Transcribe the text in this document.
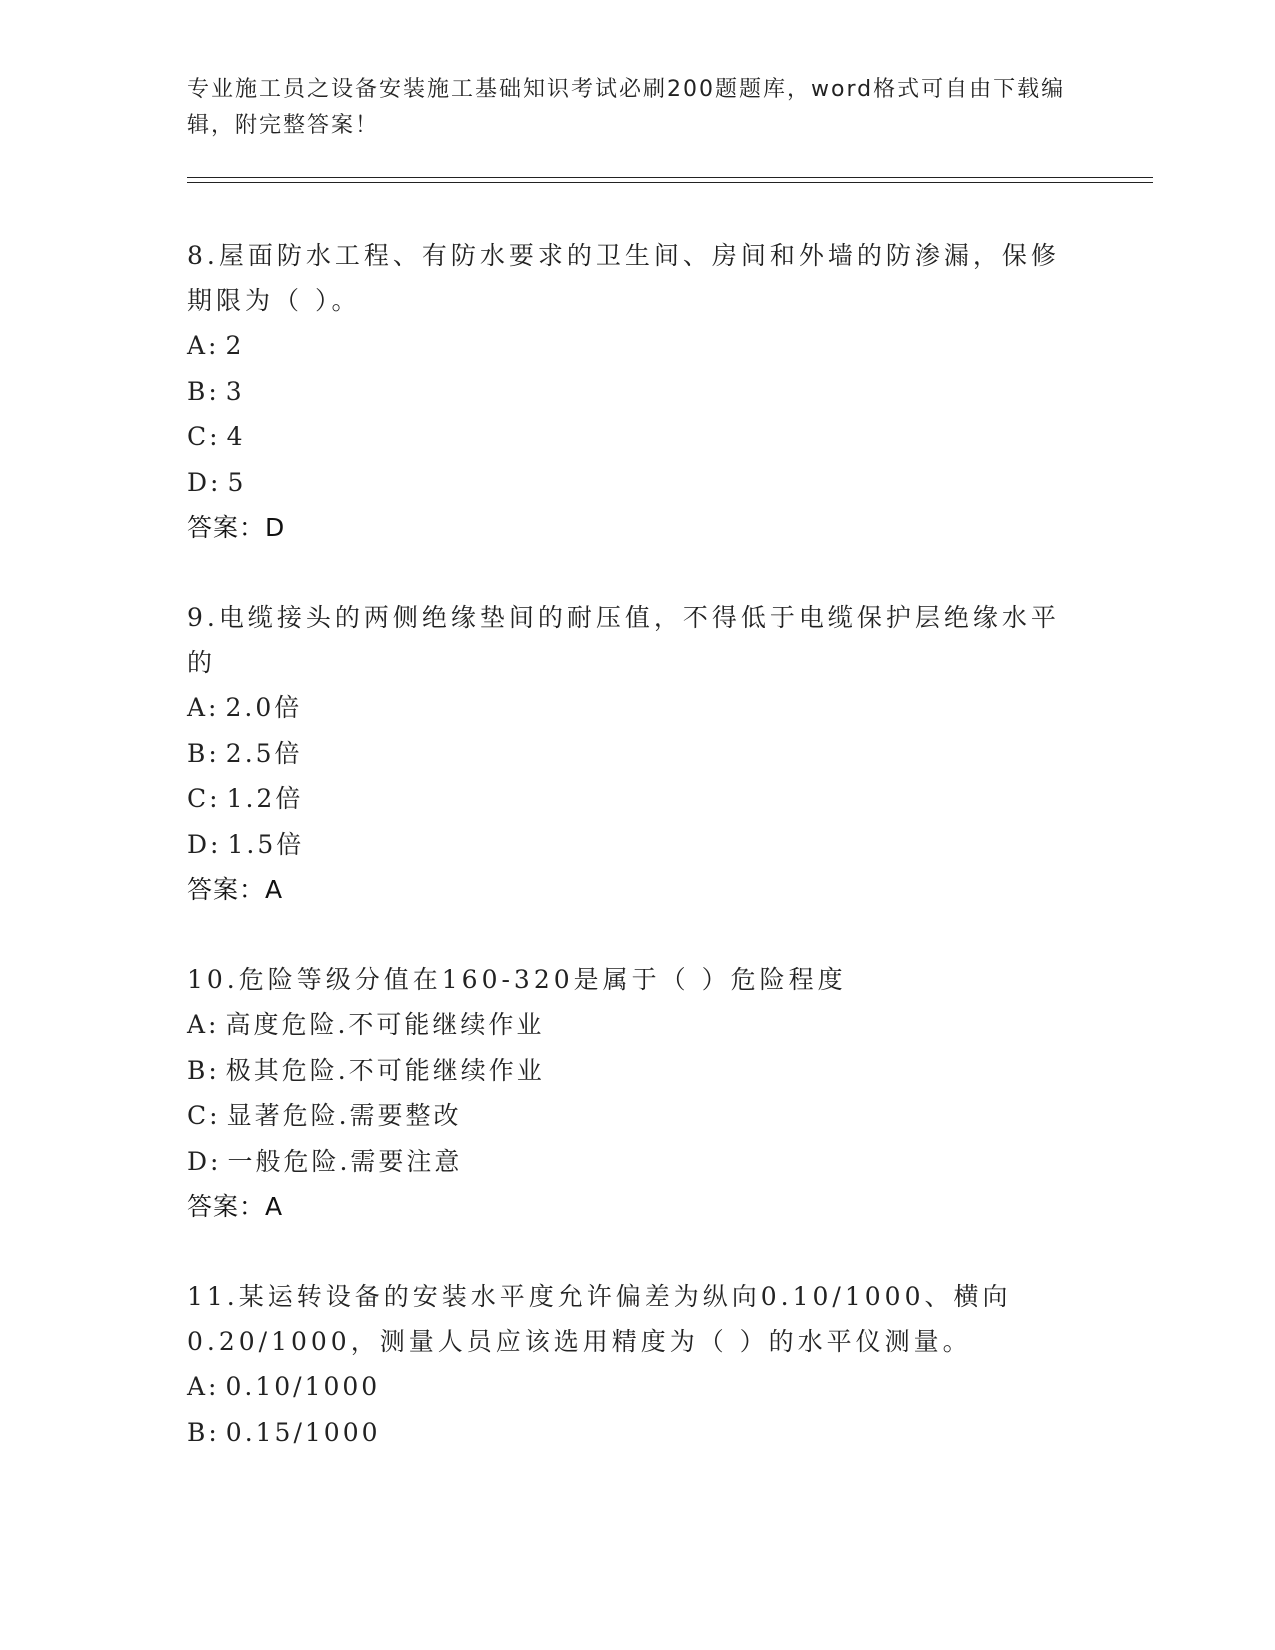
专业施工员之设备安装施工基础知识考试必刷200题题库，word格式可自由下载编辑，附完整答案！

8.屋面防水工程、有防水要求的卫生间、房间和外墙的防渗漏，保修期限为（ ）。

A: 2
B: 3
C: 4
D: 5
答案：D

9.电缆接头的两侧绝缘垫间的耐压值，不得低于电缆保护层绝缘水平的

A: 2.0倍
B: 2.5倍
C: 1.2倍
D: 1.5倍
答案：A

10.危险等级分值在160-320是属于（ ）危险程度

A: 高度危险.不可能继续作业
B: 极其危险.不可能继续作业
C: 显著危险.需要整改
D: 一般危险.需要注意
答案：A

11.某运转设备的安装水平度允许偏差为纵向0.10/1000、横向0.20/1000，测量人员应该选用精度为（ ）的水平仪测量。

A: 0.10/1000
B: 0.15/1000
